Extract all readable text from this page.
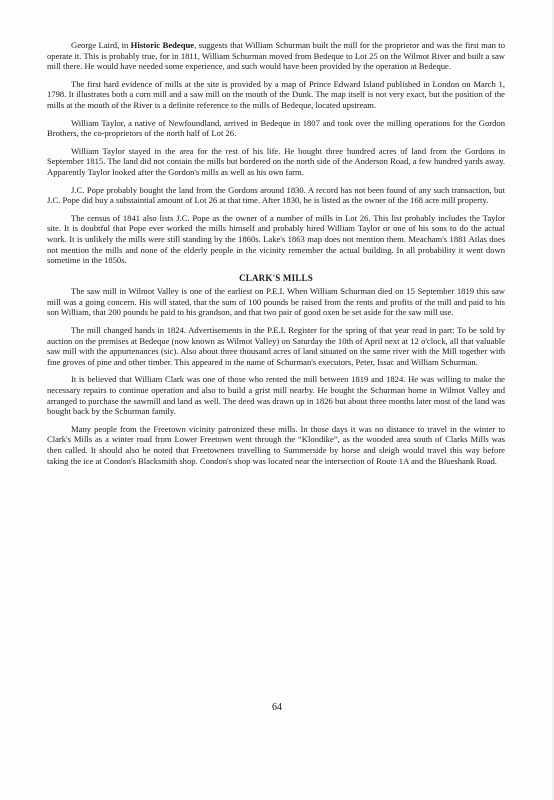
George Laird, in Historic Bedeque, suggests that William Schurman built the mill for the proprietor and was the first man to operate it. This is probably true, for in 1811, William Schurman moved from Bedeque to Lot 25 on the Wilmot River and built a saw mill there. He would have needed some experience, and such would have been provided by the operation at Bedeque.

The first hard evidence of mills at the site is provided by a map of Prince Edward Island published in London on March 1, 1798. It illustrates both a corn mill and a saw mill on the mouth of the Dunk. The map itself is not very exact, but the position of the mills at the mouth of the River is a definite reference to the mills of Bedeque, located upstream.

William Taylor, a native of Newfoundland, arrived in Bedeque in 1807 and took over the milling operations for the Gordon Brothers, the co-proprietors of the north half of Lot 26.

William Taylor stayed in the area for the rest of his life. He bought three hundred acres of land from the Gordons in September 1815. The land did not contain the mills but bordered on the north side of the Anderson Road, a few hundred yards away. Apparently Taylor looked after the Gordon's mills as well as his own farm.

J.C. Pope probably bought the land from the Gordons around 1830. A record has not been found of any such transaction, but J.C. Pope did buy a substaintial amount of Lot 26 at that time. After 1830, he is listed as the owner of the 168 acre mill property.

The census of 1841 also lists J.C. Pope as the owner of a number of mills in Lot 26. This list probably includes the Taylor site. It is doubtful that Pope ever worked the mills himself and probably hired William Taylor or one of his sons to do the actual work. It is unlikely the mills were still standing by the 1860s. Lake's 1863 map does not mention them. Meacham's 1881 Atlas does not mention the mills and none of the elderly people in the vicinity remember the actual building. In all probability it went down sometime in the 1850s.

CLARK'S MILLS

The saw mill in Wilmot Valley is one of the earliest on P.E.I. When William Schurman died on 15 September 1819 this saw mill was a going concern. His will stated, that the sum of 100 pounds be raised from the rents and profits of the mill and paid to his son William, that 200 pounds be paid to his grandson, and that two pair of good oxen be set aside for the saw mill use.

The mill changed hands in 1824. Advertisements in the P.E.I. Register for the spring of that year read in part: To be sold by auction on the premises at Bedeque (now known as Wilmot Valley) on Saturday the 10th of April next at 12 o'clock, all that valuable saw mill with the appurtenances (sic). Also about three thousand acres of land situated on the same river with the Mill together with fine groves of pine and other timber. This appeared in the name of Schurman's executors, Peter, Issac and William Schurman.

It is believed that William Clark was one of those who rented the mill between 1819 and 1824. He was willing to make the necessary repairs to continue operation and also to build a grist mill nearby. He bought the Schurman home in Wilmot Valley and arranged to purchase the sawmill and land as well. The deed was drawn up in 1826 but about three months later most of the land was bought back by the Schurman family.

Many people from the Freetown vicinity patronized these mills. In those days it was no distance to travel in the winter to Clark's Mills as a winter road from Lower Freetown went through the “Klondike”, as the wooded area south of Clarks Mills was then called. It should also be noted that Freetowners travelling to Summerside by horse and sleigh would travel this way before taking the ice at Condon's Blacksmith shop. Condon's shop was located near the intersection of Route 1A and the Blueshank Road.

64
